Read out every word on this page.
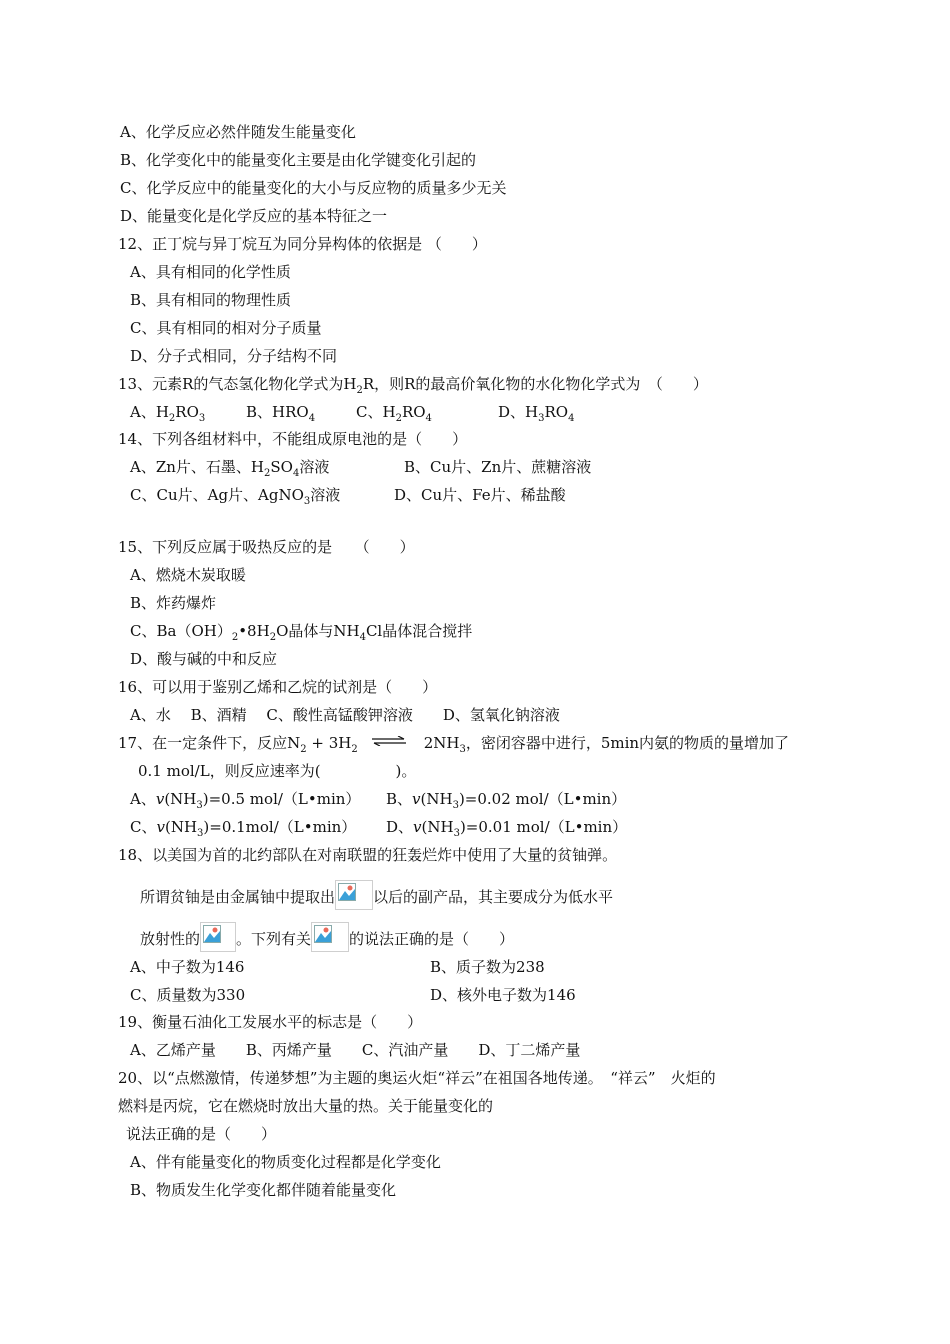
A、化学反应必然伴随发生能量变化
B、化学变化中的能量变化主要是由化学键变化引起的
C、化学反应中的能量变化的大小与反应物的质量多少无关
D、能量变化是化学反应的基本特征之一
12、正丁烷与异丁烷互为同分异构体的依据是 （　　）
A、具有相同的化学性质
B、具有相同的物理性质
C、具有相同的相对分子质量
D、分子式相同，分子结构不同
13、元素R的气态氢化物化学式为$H_2R$，则R的最高价氧化物的水化物化学式为　（　　）
A、$H_2RO_3$	B、$HRO_4$	C、$H_2RO_4$	D、$H_3RO_4$
14、下列各组材料中，不能组成原电池的是（　　）
A、Zn片、石墨、$H_2SO_4$溶液	B、Cu片、Zn片、蔗糖溶液
C、Cu片、Ag片、AgNO$_3$溶液	D、Cu片、Fe片、稀盐酸
15、下列反应属于吸热反应的是　　（　　）
A、燃烧木炭取暖
B、炸药爆炸
C、$Ba(OH)_2•8H_2O$晶体与$NH_4Cl$晶体混合搅拌
D、酸与碱的中和反应
16、可以用于鉴别乙烯和乙烷的试剂是（　　）
A、水　 B、酒精　 C、酸性高锰酸钾溶液　　D、氢氧化钠溶液
17、在一定条件下，反应$N_2 + 3H_2$ ⇌ $2NH_3$，密闭容器中进行，5min内氨的物质的量增加了
0.1 mol/L，则反应速率为(　　　　　)。
A、$v(NH_3)=0.5$ mol/（L•min） B、$v(NH_3)=0.02$ mol/（L•min）
C、$v(NH_3)=0.1mol/(L•\min)$ D、$v(NH_3)=0.01$ mol/（L•min）
18、以美国为首的北约部队在对南联盟的狂轰烂炸中使用了大量的贫铀弹。
所谓贫铀是由金属铀中提取出	以后的副产品，其主要成分为低水平
放射性的 。下列有关	的说法正确的是（　　）
A、中子数为146	B、质子数为238
C、质量数为330	D、核外电子数为146
19、衡量石油化工发展水平的标志是（　　）
A、乙烯产量　　B、丙烯产量　　C、汽油产量　　D、丁二烯产量
20、以“点燃激情，传递梦想”为主题的奥运火炬“祥云”在祖国各地传递。　“祥云”　火炬的
燃料是丙烷，它在燃烧时放出大量的热。关于能量变化的
说法正确的是（　　）
A、伴有能量变化的物质变化过程都是化学变化
B、物质发生化学变化都伴随着能量变化
